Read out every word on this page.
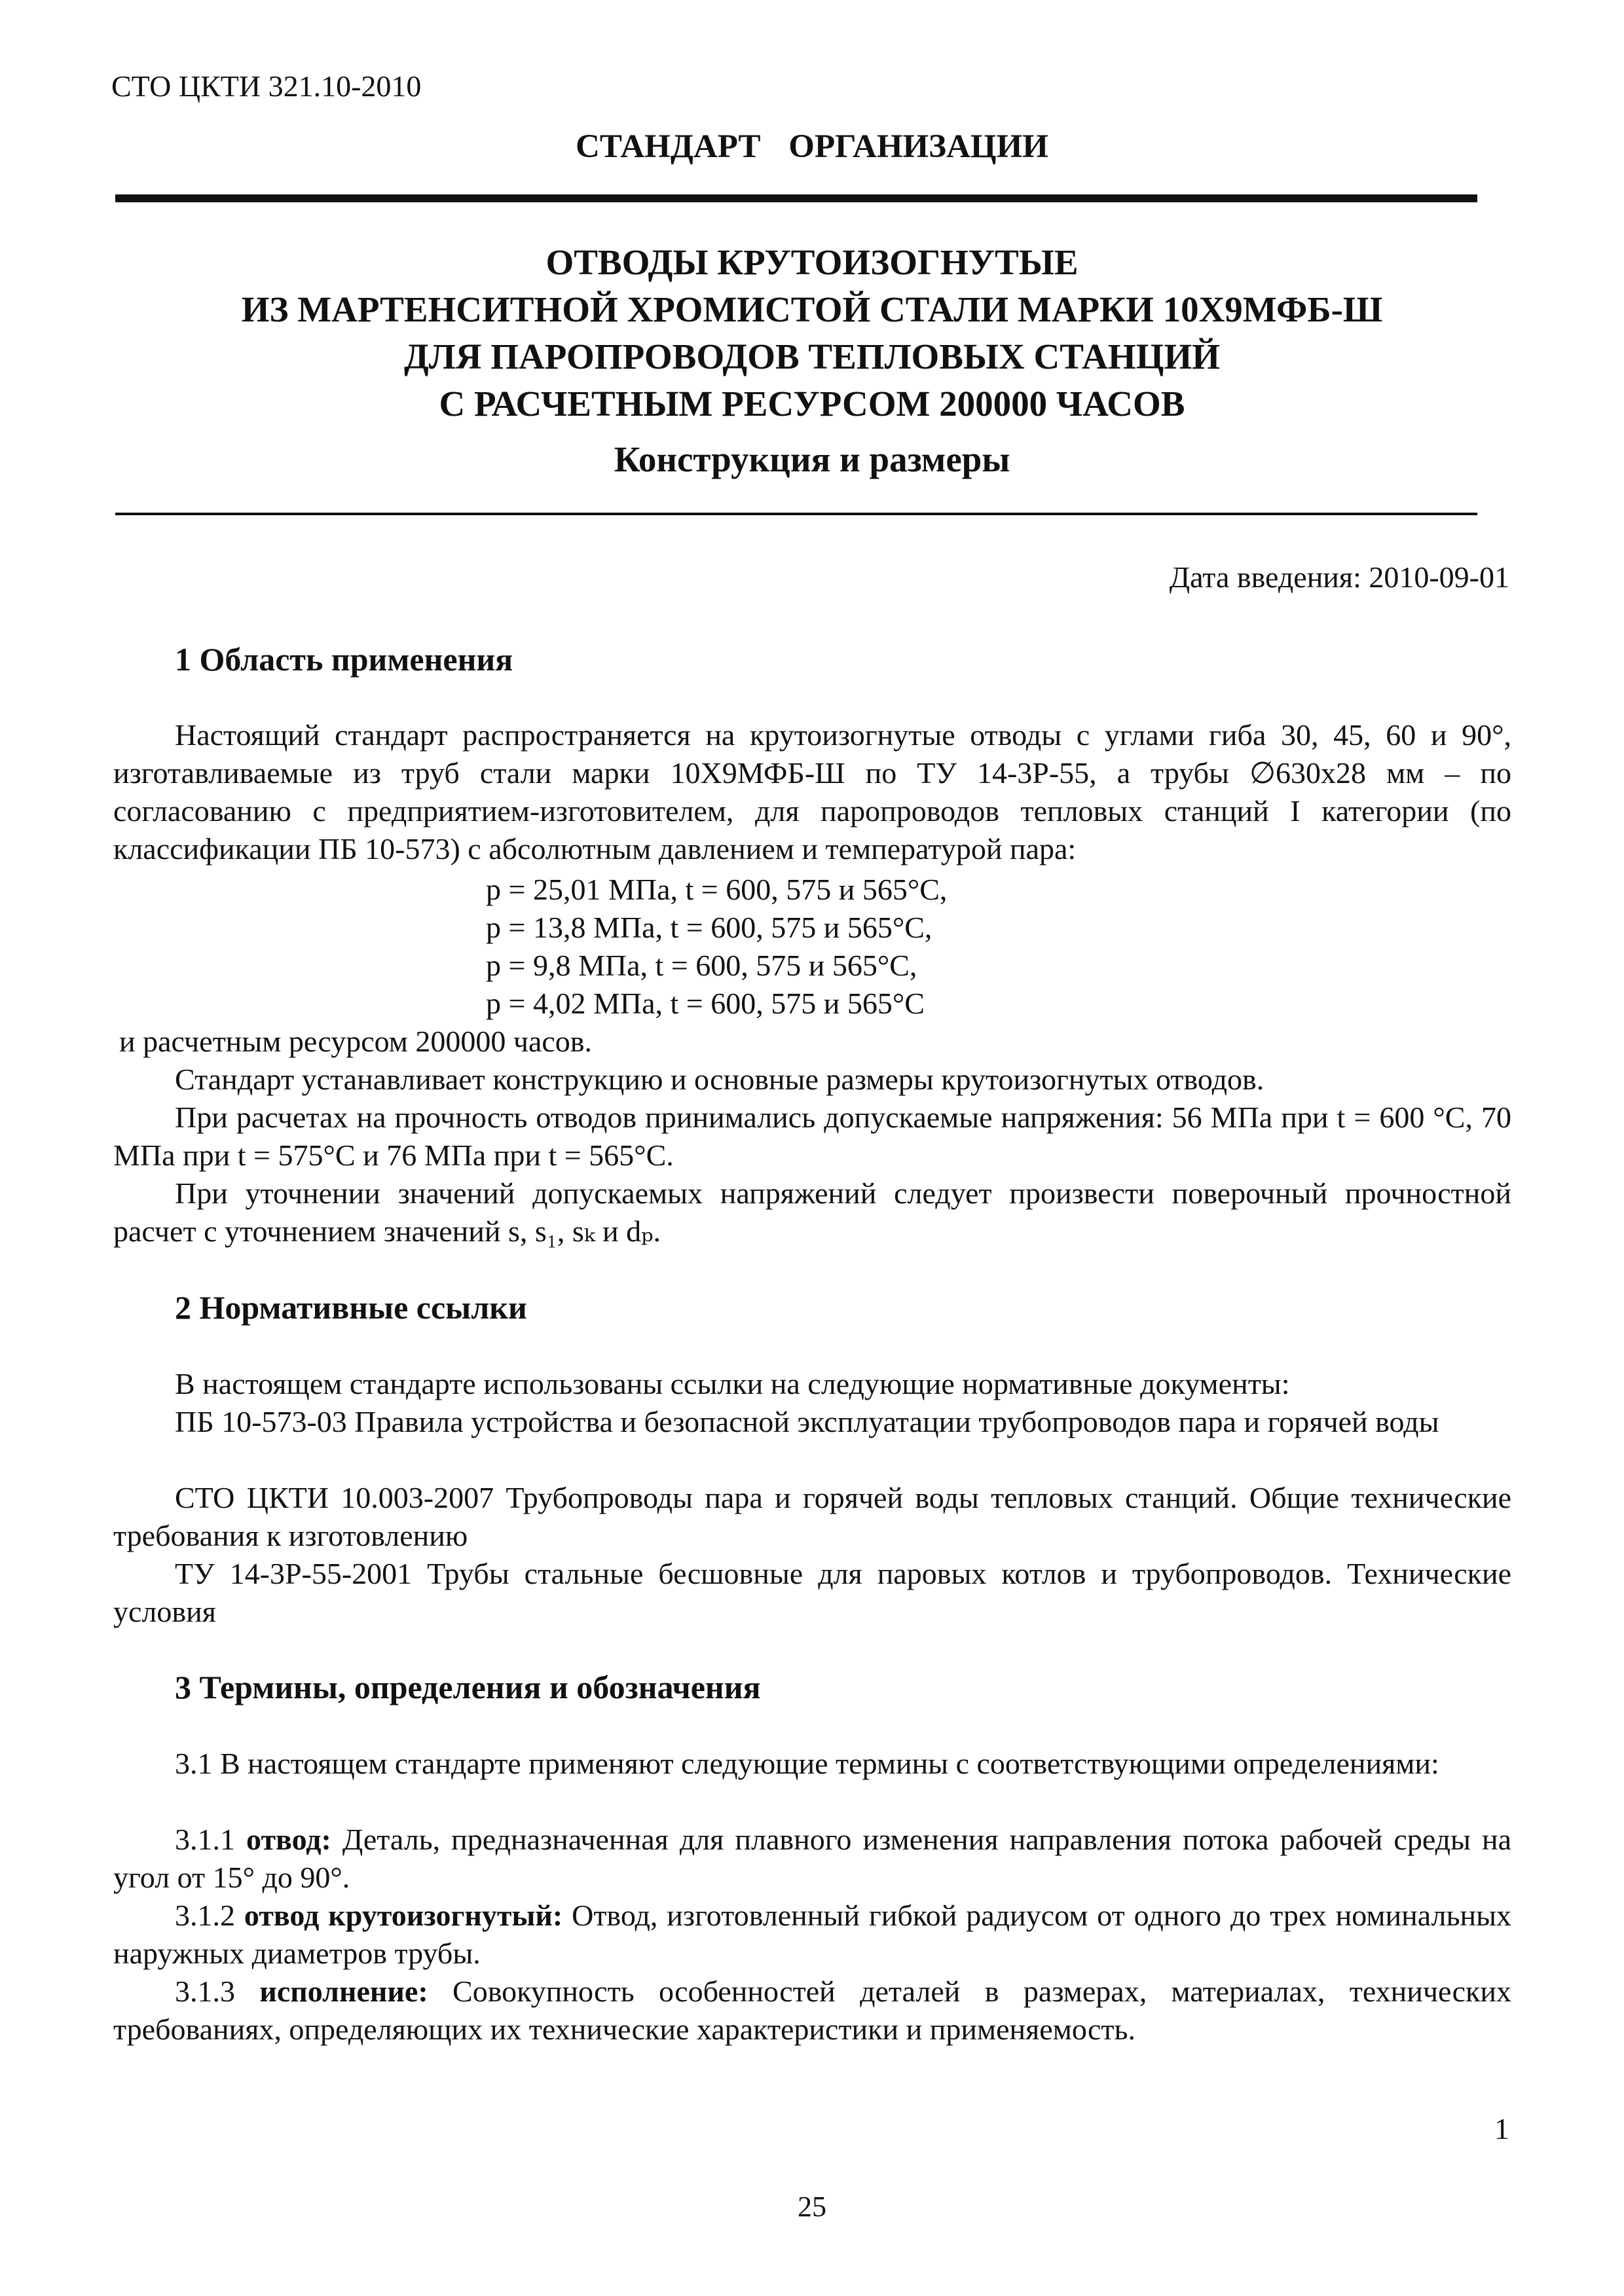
СТО ЦКТИ 321.10-2010
СТАНДАРТ ОРГАНИЗАЦИИ
ОТВОДЫ КРУТОИЗОГНУТЫЕ
ИЗ МАРТЕНСИТНОЙ ХРОМИСТОЙ СТАЛИ МАРКИ 10Х9МФБ-Ш
ДЛЯ ПАРОПРОВОДОВ ТЕПЛОВЫХ СТАНЦИЙ
С РАСЧЕТНЫМ РЕСУРСОМ 200000 ЧАСОВ
Конструкция и размеры
Дата введения: 2010-09-01
1 Область применения
Настоящий стандарт распространяется на крутоизогнутые отводы с углами гиба 30, 45, 60 и 90°, изготавливаемые из труб стали марки 10Х9МФБ-Ш по ТУ 14-3Р-55, а трубы ∅630х28 мм – по согласованию с предприятием-изготовителем, для паропроводов тепловых станций I категории (по классификации ПБ 10-573) с абсолютным давлением и температурой пара:
p = 25,01 МПа, t = 600, 575 и 565°С,
p = 13,8 МПа, t = 600, 575 и 565°С,
p = 9,8 МПа, t = 600, 575 и 565°С,
p = 4,02 МПа, t = 600, 575 и 565°С
и расчетным ресурсом 200000 часов.
Стандарт устанавливает конструкцию и основные размеры крутоизогнутых отводов.
При расчетах на прочность отводов принимались допускаемые напряжения: 56 МПа при t = 600 °С, 70 МПа при t = 575°С и 76 МПа при t = 565°С.
При уточнении значений допускаемых напряжений следует произвести поверочный прочностной расчет с уточнением значений s, s₁, sₖ и dₚ.
2 Нормативные ссылки
В настоящем стандарте использованы ссылки на следующие нормативные документы:
ПБ 10-573-03 Правила устройства и безопасной эксплуатации трубопроводов пара и горячей воды
СТО ЦКТИ 10.003-2007 Трубопроводы пара и горячей воды тепловых станций. Общие технические требования к изготовлению
ТУ 14-3Р-55-2001 Трубы стальные бесшовные для паровых котлов и трубопроводов. Технические условия
3 Термины, определения и обозначения
3.1 В настоящем стандарте применяют следующие термины с соответствующими определениями:
3.1.1 отвод: Деталь, предназначенная для плавного изменения направления потока рабочей среды на угол от 15° до 90°.
3.1.2 отвод крутоизогнутый: Отвод, изготовленный гибкой радиусом от одного до трех номинальных наружных диаметров трубы.
3.1.3 исполнение: Совокупность особенностей деталей в размерах, материалах, технических требованиях, определяющих их технические характеристики и применяемость.
1
25
